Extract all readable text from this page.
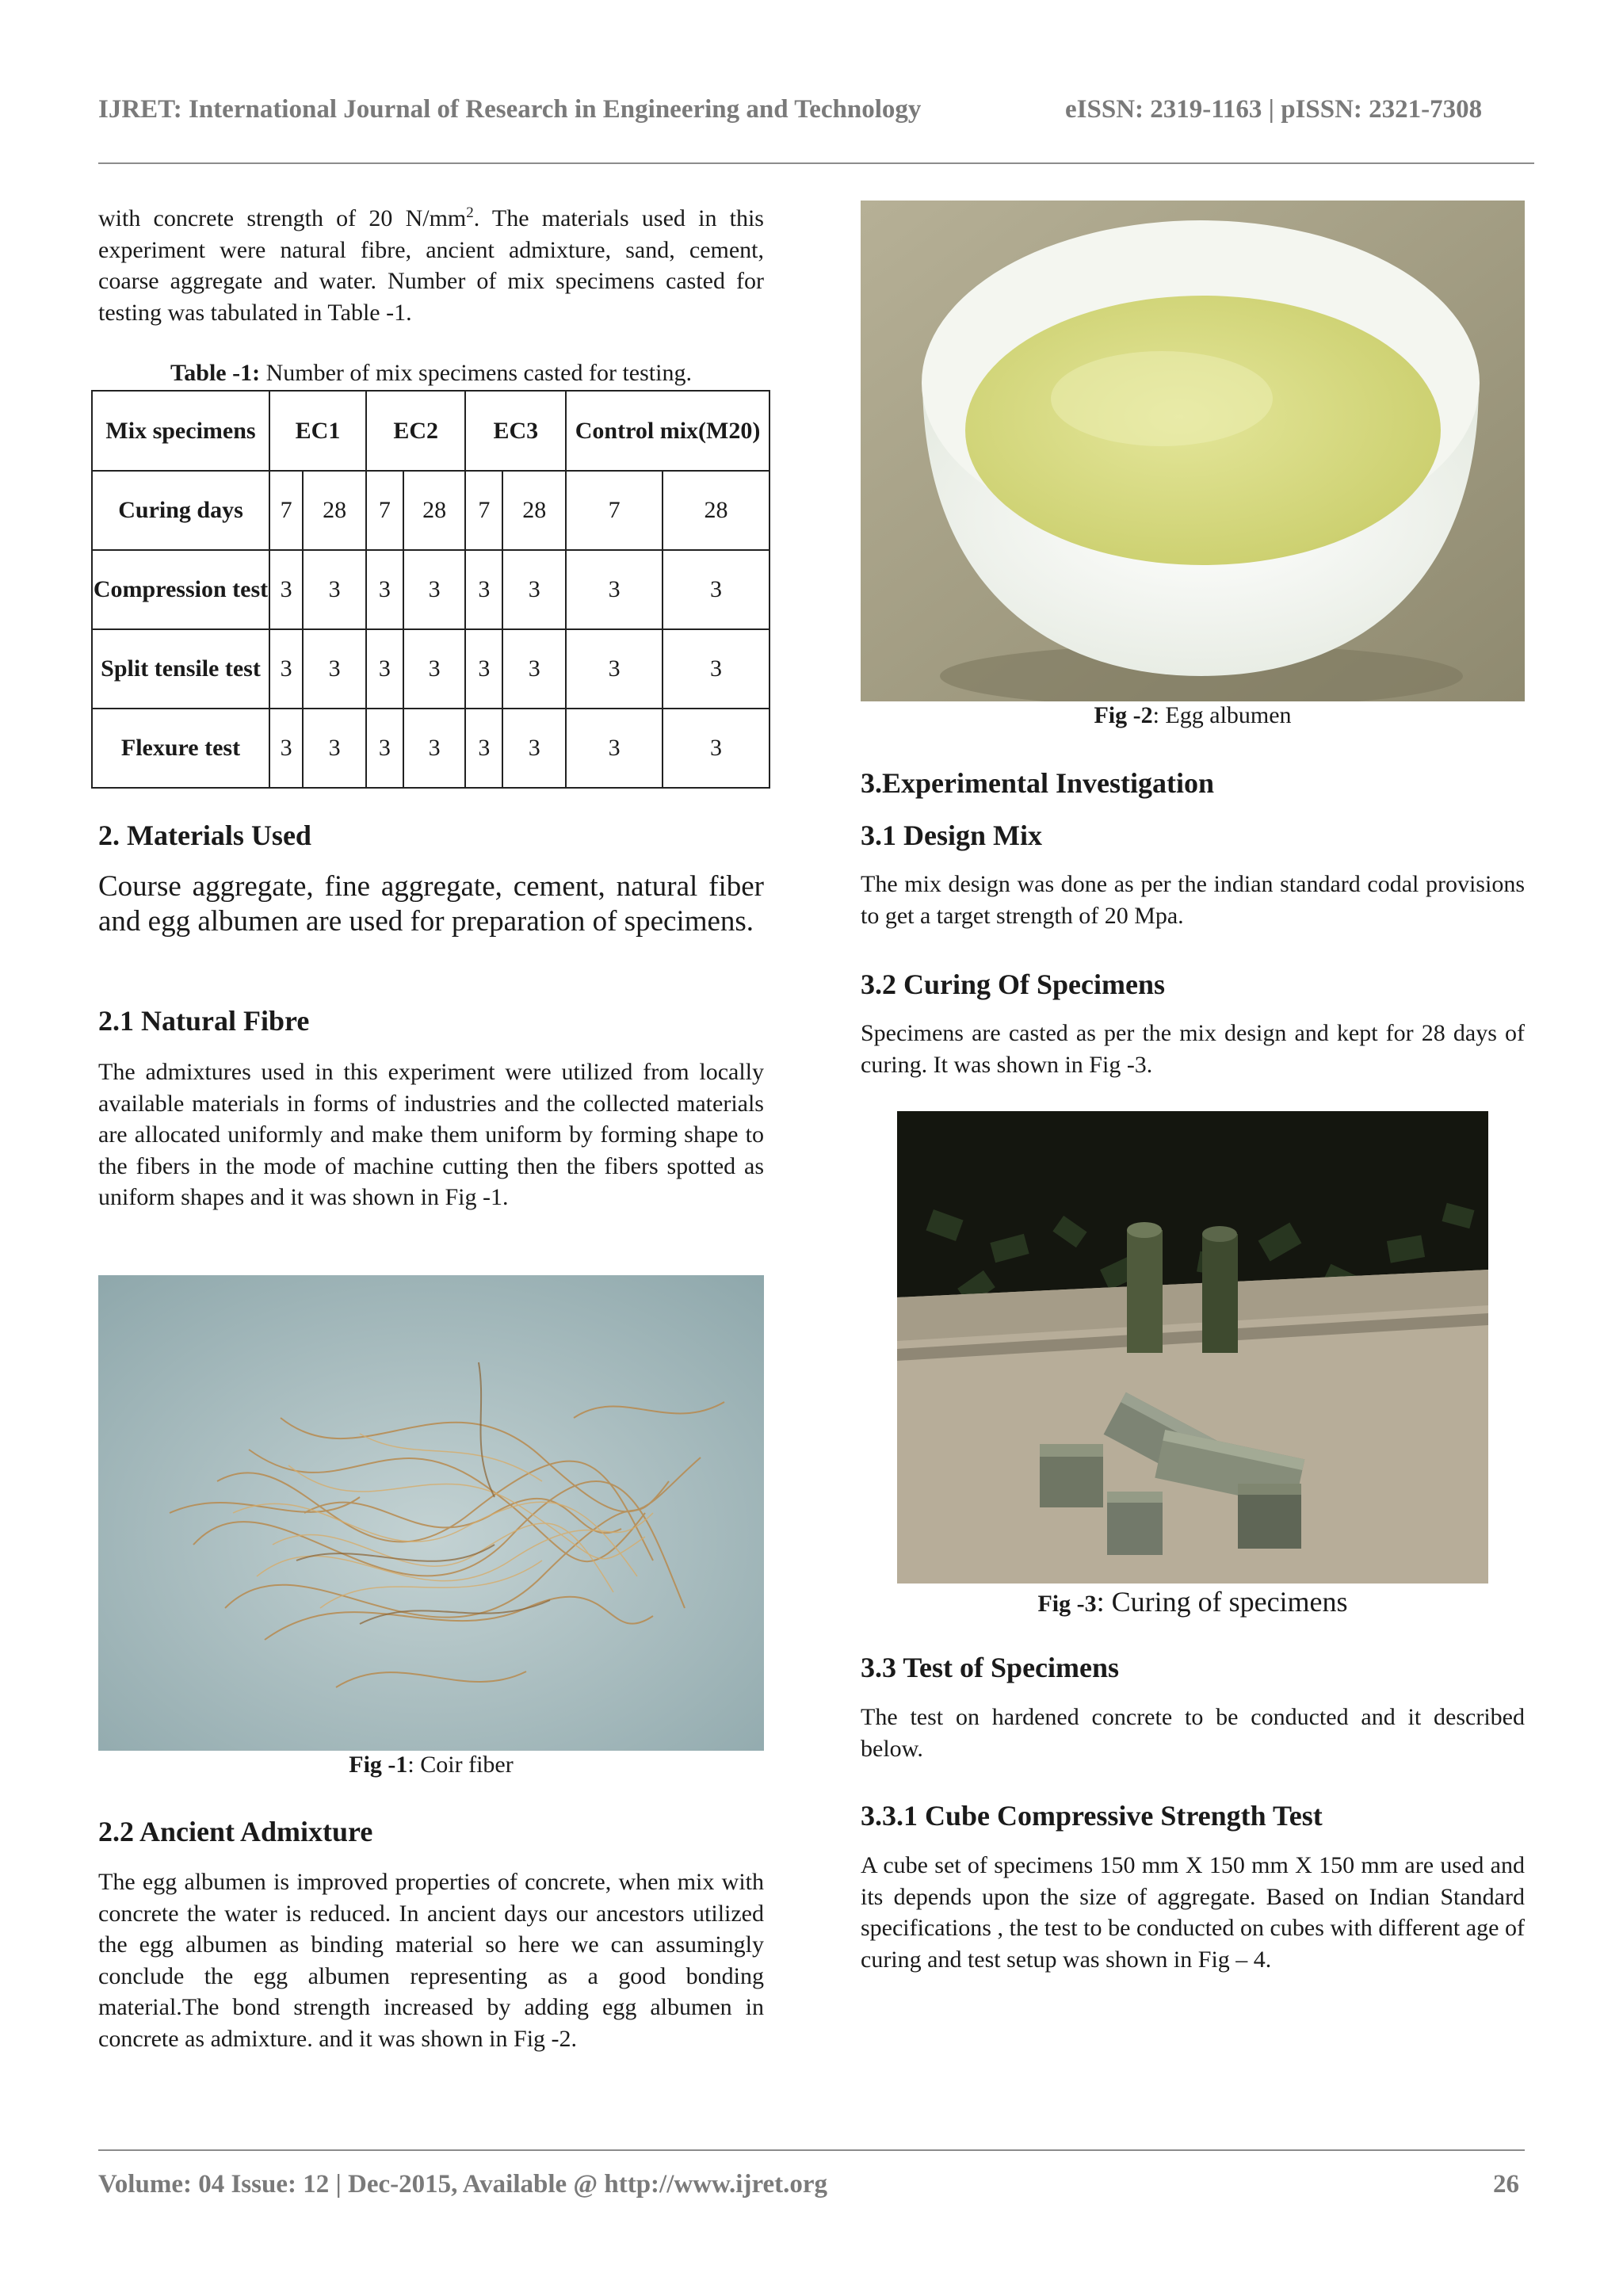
IJRET: International Journal of Research in Engineering and Technology	eISSN: 2319-1163 | pISSN: 2321-7308
with concrete strength of 20 $N/mm^2$. The materials used in this experiment were natural fibre, ancient admixture, sand, cement, coarse aggregate and water. Number of mix specimens casted for testing was tabulated in Table -1.
Table -1: Number of mix specimens casted for testing.
Mix specimens	EC1		EC2		EC3		Control mix(M20)	
Curing days	7	28	7	28	7	28	7	28
Compression test	3	3	3	3	3	3	3	3
Split tensile test	3	3	3	3	3	3	3	3
Flexure test	3	3	3	3	3	3	3	3
2. Materials Used
Course aggregate, fine aggregate, cement, natural fiber and egg albumen are used for preparation of specimens.
2.1 Natural Fibre
The admixtures used in this experiment were utilized from locally available materials in forms of industries and the collected materials are allocated uniformly and make them uniform by forming shape to the fibers in the mode of machine cutting then the fibers spotted as uniform shapes and it was shown in Fig -1.
Fig -1: Coir fiber
2.2 Ancient Admixture
The egg albumen is improved properties of concrete, when mix with concrete the water is reduced. In ancient days our ancestors utilized the egg albumen as binding material so here we can assumingly conclude the egg albumen representing as a good bonding material.The bond strength increased by adding egg albumen in concrete as admixture. and it was shown in Fig -2.
Fig -2: Egg albumen
3.Experimental Investigation
3.1 Design Mix
The mix design was done as per the indian standard codal provisions to get a target strength of 20 Mpa.
3.2 Curing Of Specimens
Specimens are casted as per the mix design and kept for 28 days of curing. It was shown in Fig -3.
Fig -3: Curing of specimens
3.3 Test of Specimens
The test on hardened concrete to be conducted and it described below.
3.3.1 Cube Compressive Strength Test
A cube set of specimens 150 mm X 150 mm X 150 mm are used and its depends upon the size of aggregate. Based on Indian Standard specifications , the test to be conducted on cubes with different age of curing and test setup was shown in Fig – 4.
Volume: 04 Issue: 12 | Dec-2015, Available @ http://www.ijret.org	26
